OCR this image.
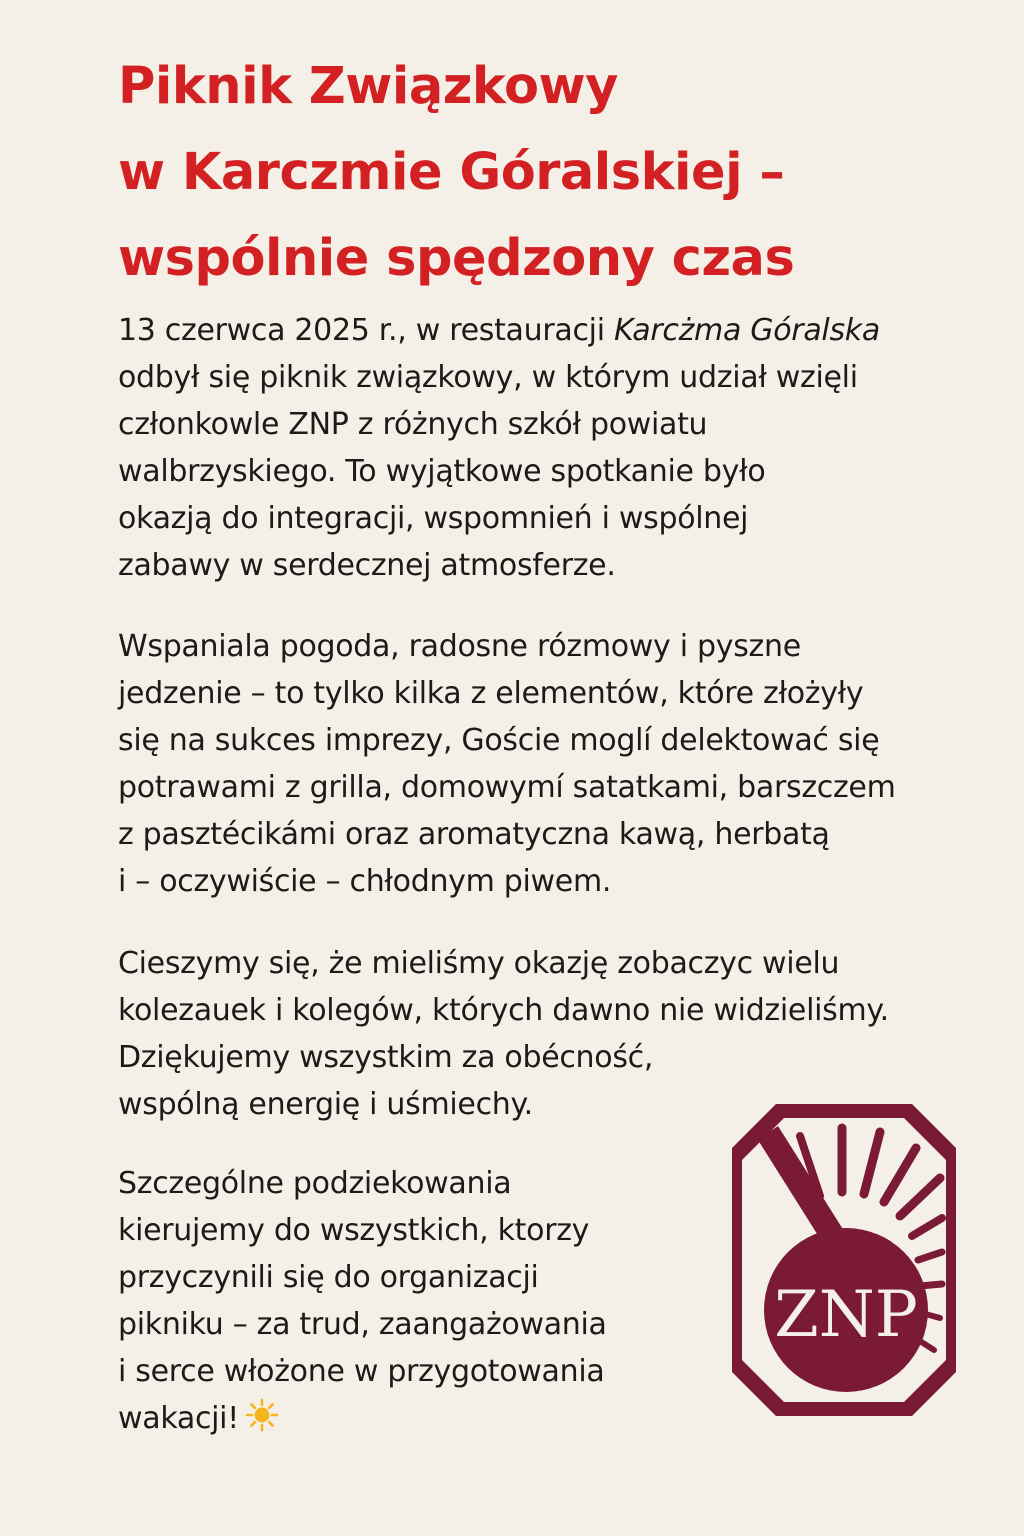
Piknik Związkowy
w Karczmie Góralskiej –
wspólnie spędzony czas

13 czerwca 2025 r., w restauracji Karcżma Góralska
odbył się piknik związkowy, w którym udział wzięli
członkowle ZNP z różnych szkół powiatu
walbrzyskiego. To wyjątkowe spotkanie było
okazją do integracji, wspomnień i wspólnej
zabawy w serdecznej atmosferze.

Wspaniala pogoda, radosne rózmowy i pyszne
jedzenie – to tylko kilka z elementów, które złożyły
się na sukces imprezy, Goście moglí delektować się
potrawami z grilla, domowymí satatkami, barszczem
z pasztécikámi oraz aromatyczna kawą, herbatą
i – oczywiście – chłodnym piwem.

Cieszymy się, że mieliśmy okazję zobaczyc wielu
kolezauek i kolegów, których dawno nie widzieliśmy.
Dziękujemy wszystkim za obécność,
wspólną energię i uśmiechy.

Szczególne podziekowania
kierujemy do wszystkich, ktorzy
przyczynili się do organizacji
pikniku – za trud, zaangażowania
i serce włożone w przygotowania
wakacji!

ZNP
